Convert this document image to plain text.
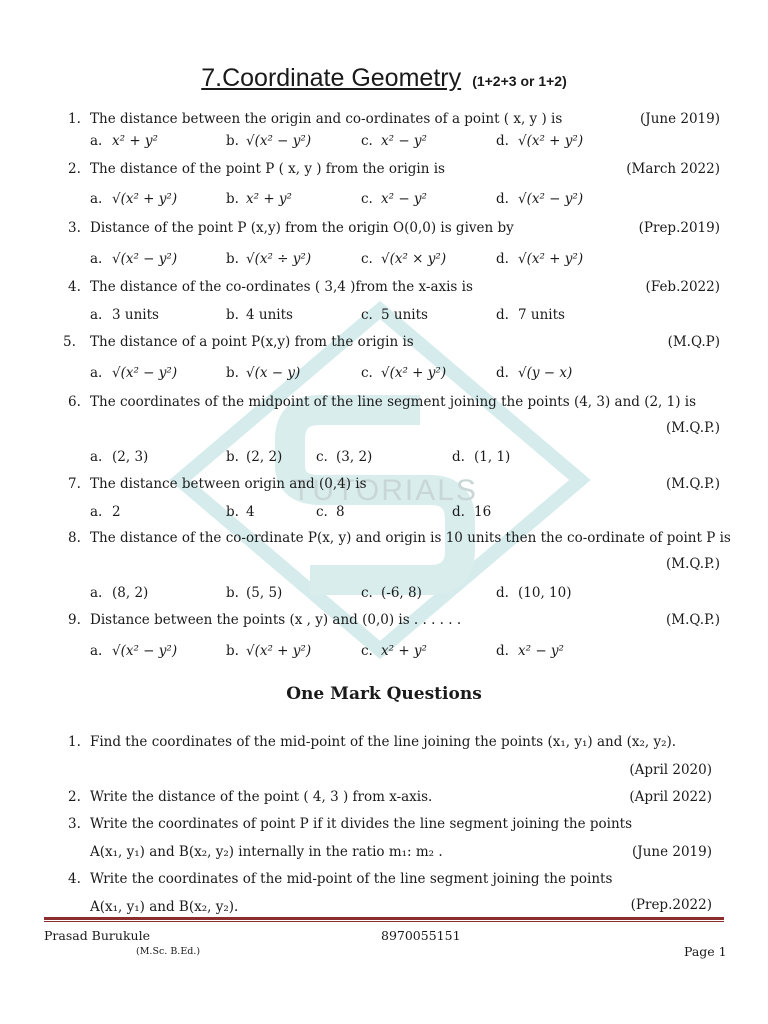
TUTORIALS
7.Coordinate Geometry (1+2+3 or 1+2)
1. The distance between the origin and co-ordinates of a point ( x, y ) is	(June 2019)
a. x² + y²	b. √(x² − y²)	c. x² − y²	d. √(x² + y²)
2. The distance of the point P ( x, y ) from the origin is	(March 2022)
a. √(x² + y²)	b. x² + y²	c. x² − y²	d. √(x² − y²)
3. Distance of the point P (x,y) from the origin O(0,0) is given by	(Prep.2019)
a. √(x² − y²)	b. √(x² ÷ y²)	c. √(x² × y²)	d. √(x² + y²)
4. The distance of the co-ordinates ( 3,4 )from the x-axis is	(Feb.2022)
a. 3 units	b. 4 units	c. 5 units	d. 7 units
5. The distance of a point P(x,y) from the origin is	(M.Q.P)
a. √(x² − y²)	b. √(x − y)	c. √(x² + y²)	d. √(y − x)
6. The coordinates of the midpoint of the line segment joining the points (4, 3) and (2, 1) is
(M.Q.P.)
a. (2, 3)	b. (2, 2) c. (3, 2)	d. (1, 1)
7. The distance between origin and (0,4) is	(M.Q.P.)
a. 2	b. 4	c. 8	d. 16
8. The distance of the co-ordinate P(x, y) and origin is 10 units then the co-ordinate of point P is
(M.Q.P.)
a. (8, 2)	b. (5, 5)	c. (-6, 8)	d. (10, 10)
9. Distance between the points (x , y) and (0,0) is . . . . . .	(M.Q.P.)
a. √(x² − y²)	b. √(x² + y²)	c. x² + y²	d. x² − y²
One Mark Questions
1. Find the coordinates of the mid-point of the line joining the points (x₁, y₁) and (x₂, y₂).
(April 2020)
2. Write the distance of the point ( 4, 3 ) from x-axis.	(April 2022)
3. Write the coordinates of point P if it divides the line segment joining the points
A(x₁, y₁) and B(x₂, y₂) internally in the ratio m₁: m₂ .	(June 2019)
4. Write the coordinates of the mid-point of the line segment joining the points
A(x₁, y₁) and B(x₂, y₂).	(Prep.2022)
Prasad Burukule
(M.Sc. B.Ed.)
8970055151
Page 1
